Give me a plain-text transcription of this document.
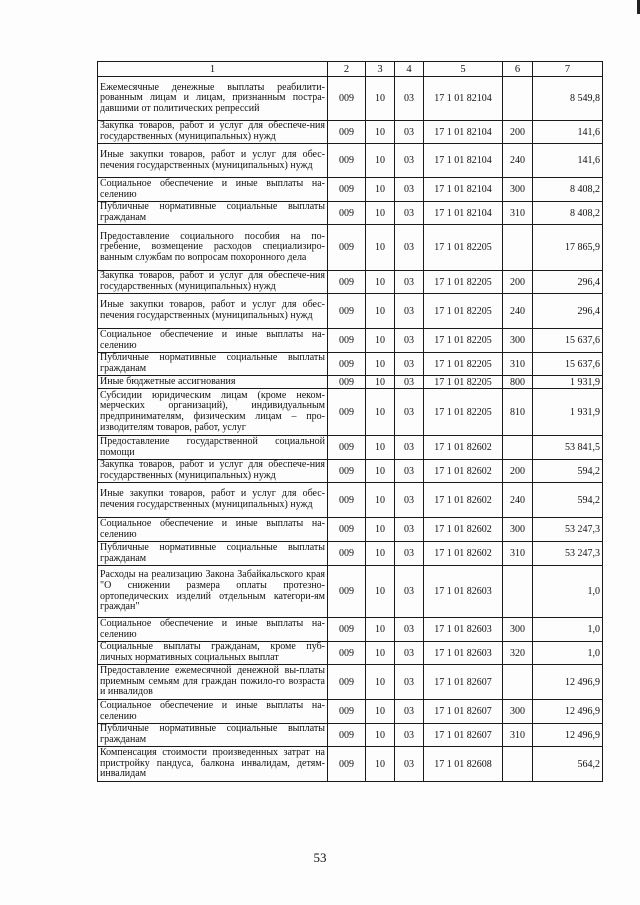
1	2	3	4	5	6	7
Ежемесячные денежные выплаты реабилити-рованным лицам и лицам, признанным постра-давшими от политических репрессий	009	10	03	17 1 01 82104		8 549,8
Закупка товаров, работ и услуг для обеспече-ния государственных (муниципальных) нужд	009	10	03	17 1 01 82104	200	141,6
Иные закупки товаров, работ и услуг для обес-печения государственных (муниципальных) нужд	009	10	03	17 1 01 82104	240	141,6
Социальное обеспечение и иные выплаты на-селению	009	10	03	17 1 01 82104	300	8 408,2
Публичные нормативные социальные выплаты гражданам	009	10	03	17 1 01 82104	310	8 408,2
Предоставление социального пособия на по-гребение, возмещение расходов специализиро-ванным службам по вопросам похоронного дела	009	10	03	17 1 01 82205		17 865,9
Закупка товаров, работ и услуг для обеспече-ния государственных (муниципальных) нужд	009	10	03	17 1 01 82205	200	296,4
Иные закупки товаров, работ и услуг для обес-печения государственных (муниципальных) нужд	009	10	03	17 1 01 82205	240	296,4
Социальное обеспечение и иные выплаты на-селению	009	10	03	17 1 01 82205	300	15 637,6
Публичные нормативные социальные выплаты гражданам	009	10	03	17 1 01 82205	310	15 637,6
Иные бюджетные ассигнования	009	10	03	17 1 01 82205	800	1 931,9
Субсидии юридическим лицам (кроме неком-мерческих организаций), индивидуальным предпринимателям, физическим лицам – про-изводителям товаров, работ, услуг	009	10	03	17 1 01 82205	810	1 931,9
Предоставление государственной социальной помощи	009	10	03	17 1 01 82602		53 841,5
Закупка товаров, работ и услуг для обеспече-ния государственных (муниципальных) нужд	009	10	03	17 1 01 82602	200	594,2
Иные закупки товаров, работ и услуг для обес-печения государственных (муниципальных) нужд	009	10	03	17 1 01 82602	240	594,2
Социальное обеспечение и иные выплаты на-селению	009	10	03	17 1 01 82602	300	53 247,3
Публичные нормативные социальные выплаты гражданам	009	10	03	17 1 01 82602	310	53 247,3
Расходы на реализацию Закона Забайкальского края "О снижении размера оплаты протезно-ортопедических изделий отдельным категори-ям граждан"	009	10	03	17 1 01 82603		1,0
Социальное обеспечение и иные выплаты на-селению	009	10	03	17 1 01 82603	300	1,0
Социальные выплаты гражданам, кроме пуб-личных нормативных социальных выплат	009	10	03	17 1 01 82603	320	1,0
Предоставление ежемесячной денежной вы-платы приемным семьям для граждан пожило-го возраста и инвалидов	009	10	03	17 1 01 82607		12 496,9
Социальное обеспечение и иные выплаты на-селению	009	10	03	17 1 01 82607	300	12 496,9
Публичные нормативные социальные выплаты гражданам	009	10	03	17 1 01 82607	310	12 496,9
Компенсация стоимости произведенных затрат на пристройку пандуса, балкона инвалидам, детям-инвалидам	009	10	03	17 1 01 82608		564,2
53
